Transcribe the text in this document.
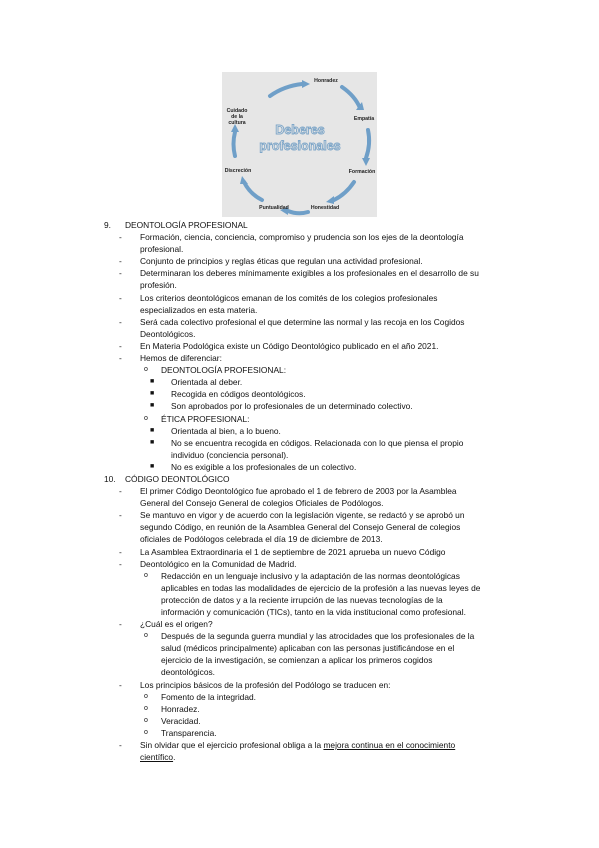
Honradez
Empatía
Formación
Honestidad
Puntualidad
Discreción
Cuidado
de la
cultura Deberes
profesionales
9. DEONTOLOGÍA PROFESIONAL
- Formación, ciencia, conciencia, compromiso y prudencia son los ejes de la deontología
profesional.
- Conjunto de principios y reglas éticas que regulan una actividad profesional.
- Determinaran los deberes mínimamente exigibles a los profesionales en el desarrollo de su
profesión.
- Los criterios deontológicos emanan de los comités de los colegios profesionales
especializados en esta materia.
- Será cada colectivo profesional el que determine las normal y las recoja en los Cogidos
Deontológicos.
- En Materia Podológica existe un Código Deontológico publicado en el año 2021.
- Hemos de diferenciar:
o DEONTOLOGÍA PROFESIONAL:
■ Orientada al deber.
■ Recogida en códigos deontológicos.
■ Son aprobados por lo profesionales de un determinado colectivo.
o ÉTICA PROFESIONAL:
■ Orientada al bien, a lo bueno.
■ No se encuentra recogida en códigos. Relacionada con lo que piensa el propio
individuo (conciencia personal).
■ No es exigible a los profesionales de un colectivo.
10. CÓDIGO DEONTOLÓGICO
- El primer Código Deontológico fue aprobado el 1 de febrero de 2003 por la Asamblea
General del Consejo General de colegios Oficiales de Podólogos.
- Se mantuvo en vigor y de acuerdo con la legislación vigente, se redactó y se aprobó un
segundo Código, en reunión de la Asamblea General del Consejo General de colegios
oficiales de Podólogos celebrada el día 19 de diciembre de 2013.
- La Asamblea Extraordinaria el 1 de septiembre de 2021 aprueba un nuevo Código
- Deontológico en la Comunidad de Madrid.
o Redacción en un lenguaje inclusivo y la adaptación de las normas deontológicas
aplicables en todas las modalidades de ejercicio de la profesión a las nuevas leyes de
protección de datos y a la reciente irrupción de las nuevas tecnologías de la
información y comunicación (TICs), tanto en la vida institucional como profesional.
- ¿Cuál es el origen?
o Después de la segunda guerra mundial y las atrocidades que los profesionales de la
salud (médicos principalmente) aplicaban con las personas justificándose en el
ejercicio de la investigación, se comienzan a aplicar los primeros cogidos
deontológicos.
- Los principios básicos de la profesión del Podólogo se traducen en:
o Fomento de la integridad.
o Honradez.
o Veracidad.
o Transparencia.
- Sin olvidar que el ejercicio profesional obliga a la mejora continua en el conocimiento
científico.
